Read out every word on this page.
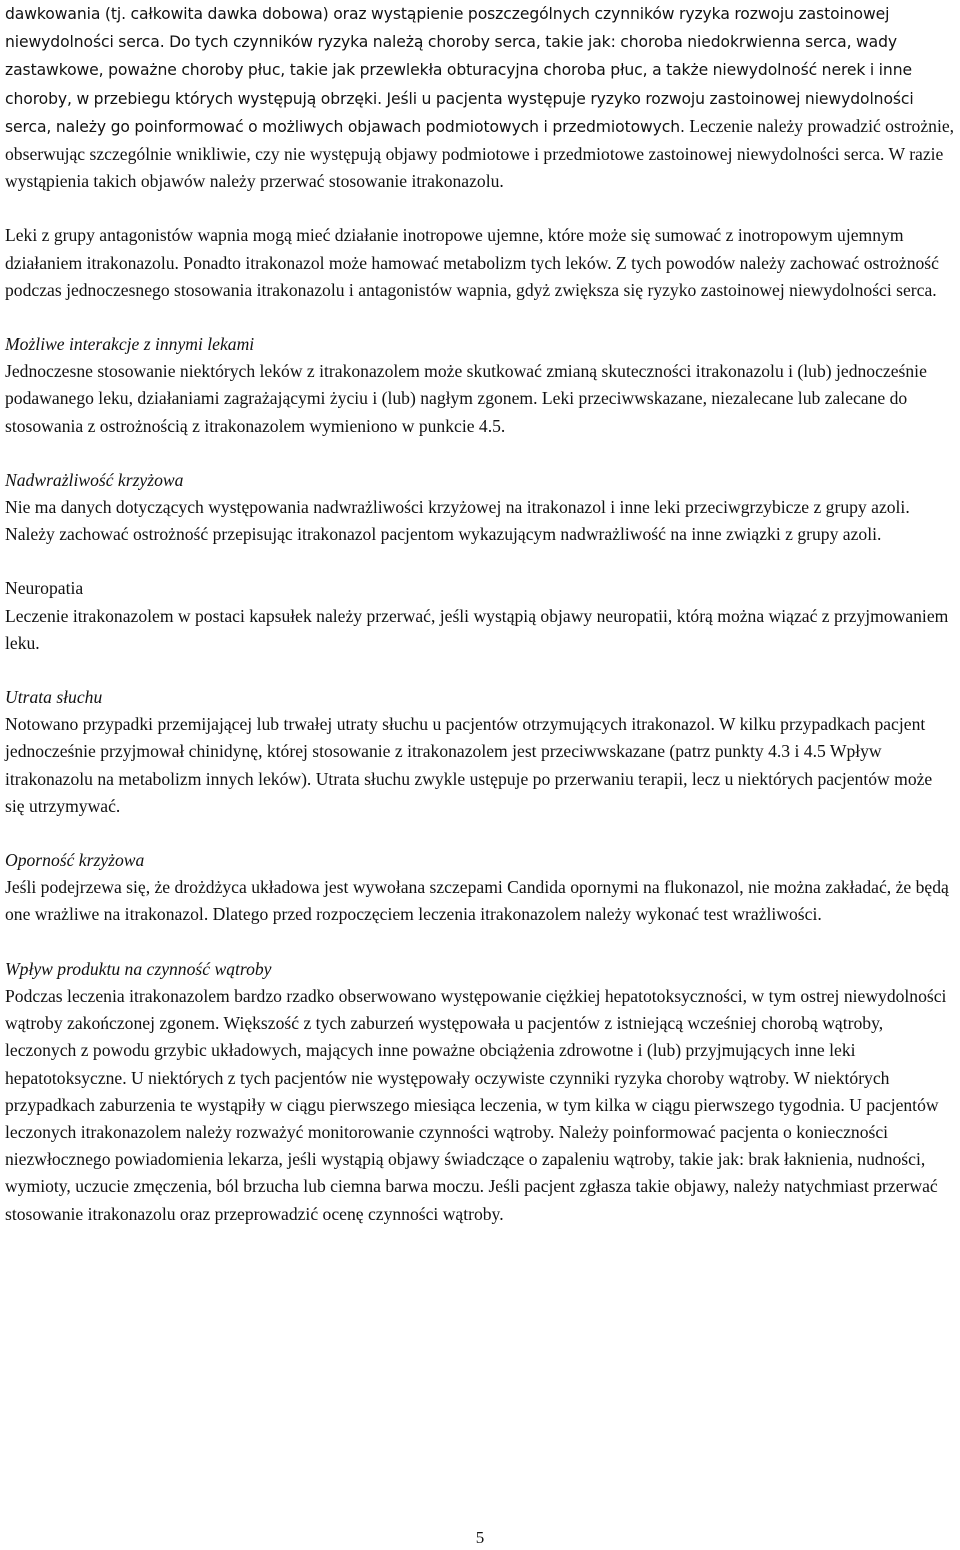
dawkowania (tj. całkowita dawka dobowa) oraz wystąpienie poszczególnych czynników ryzyka rozwoju zastoinowej niewydolności serca. Do tych czynników ryzyka należą choroby serca, takie jak: choroba niedokrwienna serca, wady zastawkowe, poważne choroby płuc, takie jak przewlekła obturacyjna choroba płuc, a także niewydolność nerek i inne choroby, w przebiegu których występują obrzęki. Jeśli u pacjenta występuje ryzyko rozwoju zastoinowej niewydolności serca, należy go poinformować o możliwych objawach podmiotowych i przedmiotowych. Leczenie należy prowadzić ostrożnie, obserwując szczególnie wnikliwie, czy nie występują objawy podmiotowe i przedmiotowe zastoinowej niewydolności serca. W razie wystąpienia takich objawów należy przerwać stosowanie itrakonazolu.

Leki z grupy antagonistów wapnia mogą mieć działanie inotropowe ujemne, które może się sumować z inotropowym ujemnym działaniem itrakonazolu. Ponadto itrakonazol może hamować metabolizm tych leków. Z tych powodów należy zachować ostrożność podczas jednoczesnego stosowania itrakonazolu i antagonistów wapnia, gdyż zwiększa się ryzyko zastoinowej niewydolności serca.

Możliwe interakcje z innymi lekami

Jednoczesne stosowanie niektórych leków z itrakonazolem może skutkować zmianą skuteczności itrakonazolu i (lub) jednocześnie podawanego leku, działaniami zagrażającymi życiu i (lub) nagłym zgonem. Leki przeciwwskazane, niezalecane lub zalecane do stosowania z ostrożnością z itrakonazolem wymieniono w punkcie 4.5.

Nadwrażliwość krzyżowa

Nie ma danych dotyczących występowania nadwrażliwości krzyżowej na itrakonazol i inne leki przeciwgrzybicze z grupy azoli. Należy zachować ostrożność przepisując itrakonazol pacjentom wykazującym nadwrażliwość na inne związki z grupy azoli.

Neuropatia

Leczenie itrakonazolem w postaci kapsułek należy przerwać, jeśli wystąpią objawy neuropatii, którą można wiązać z przyjmowaniem leku.

Utrata słuchu

Notowano przypadki przemijającej lub trwałej utraty słuchu u pacjentów otrzymujących itrakonazol. W kilku przypadkach pacjent jednocześnie przyjmował chinidynę, której stosowanie z itrakonazolem jest przeciwwskazane (patrz punkty 4.3 i 4.5 Wpływ itrakonazolu na metabolizm innych leków). Utrata słuchu zwykle ustępuje po przerwaniu terapii, lecz u niektórych pacjentów może się utrzymywać.

Oporność krzyżowa

Jeśli podejrzewa się, że drożdżyca układowa jest wywołana szczepami Candida opornymi na flukonazol, nie można zakładać, że będą one wrażliwe na itrakonazol. Dlatego przed rozpoczęciem leczenia itrakonazolem należy wykonać test wrażliwości.

Wpływ produktu na czynność wątroby

Podczas leczenia itrakonazolem bardzo rzadko obserwowano występowanie ciężkiej hepatotoksyczności, w tym ostrej niewydolności wątroby zakończonej zgonem. Większość z tych zaburzeń występowała u pacjentów z istniejącą wcześniej chorobą wątroby, leczonych z powodu grzybic układowych, mających inne poważne obciążenia zdrowotne i (lub) przyjmujących inne leki hepatotoksyczne. U niektórych z tych pacjentów nie występowały oczywiste czynniki ryzyka choroby wątroby. W niektórych przypadkach zaburzenia te wystąpiły w ciągu pierwszego miesiąca leczenia, w tym kilka w ciągu pierwszego tygodnia. U pacjentów leczonych itrakonazolem należy rozważyć monitorowanie czynności wątroby. Należy poinformować pacjenta o konieczności niezwłocznego powiadomienia lekarza, jeśli wystąpią objawy świadczące o zapaleniu wątroby, takie jak: brak łaknienia, nudności, wymioty, uczucie zmęczenia, ból brzucha lub ciemna barwa moczu. Jeśli pacjent zgłasza takie objawy, należy natychmiast przerwać stosowanie itrakonazolu oraz przeprowadzić ocenę czynności wątroby.

5
